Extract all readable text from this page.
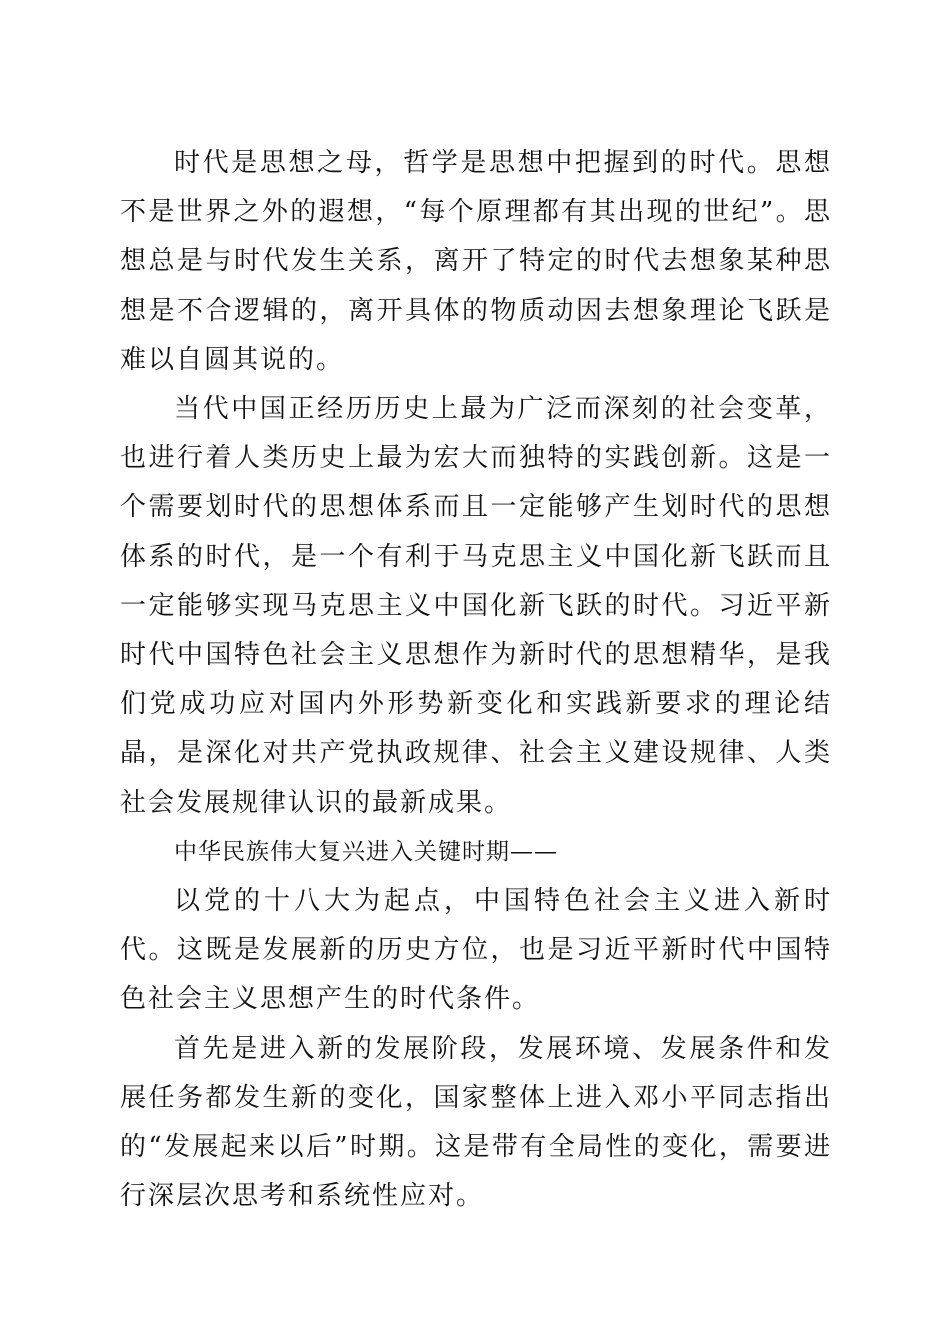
时代是思想之母，哲学是思想中把握到的时代。思想不是世界之外的遐想，“每个原理都有其出现的世纪”。思想总是与时代发生关系，离开了特定的时代去想象某种思想是不合逻辑的，离开具体的物质动因去想象理论飞跃是难以自圆其说的。

当代中国正经历历史上最为广泛而深刻的社会变革，也进行着人类历史上最为宏大而独特的实践创新。这是一个需要划时代的思想体系而且一定能够产生划时代的思想体系的时代，是一个有利于马克思主义中国化新飞跃而且一定能够实现马克思主义中国化新飞跃的时代。习近平新时代中国特色社会主义思想作为新时代的思想精华，是我们党成功应对国内外形势新变化和实践新要求的理论结晶，是深化对共产党执政规律、社会主义建设规律、人类社会发展规律认识的最新成果。

中华民族伟大复兴进入关键时期——

以党的十八大为起点，中国特色社会主义进入新时代。这既是发展新的历史方位，也是习近平新时代中国特色社会主义思想产生的时代条件。

首先是进入新的发展阶段，发展环境、发展条件和发展任务都发生新的变化，国家整体上进入邓小平同志指出的“发展起来以后”时期。这是带有全局性的变化，需要进行深层次思考和系统性应对。
